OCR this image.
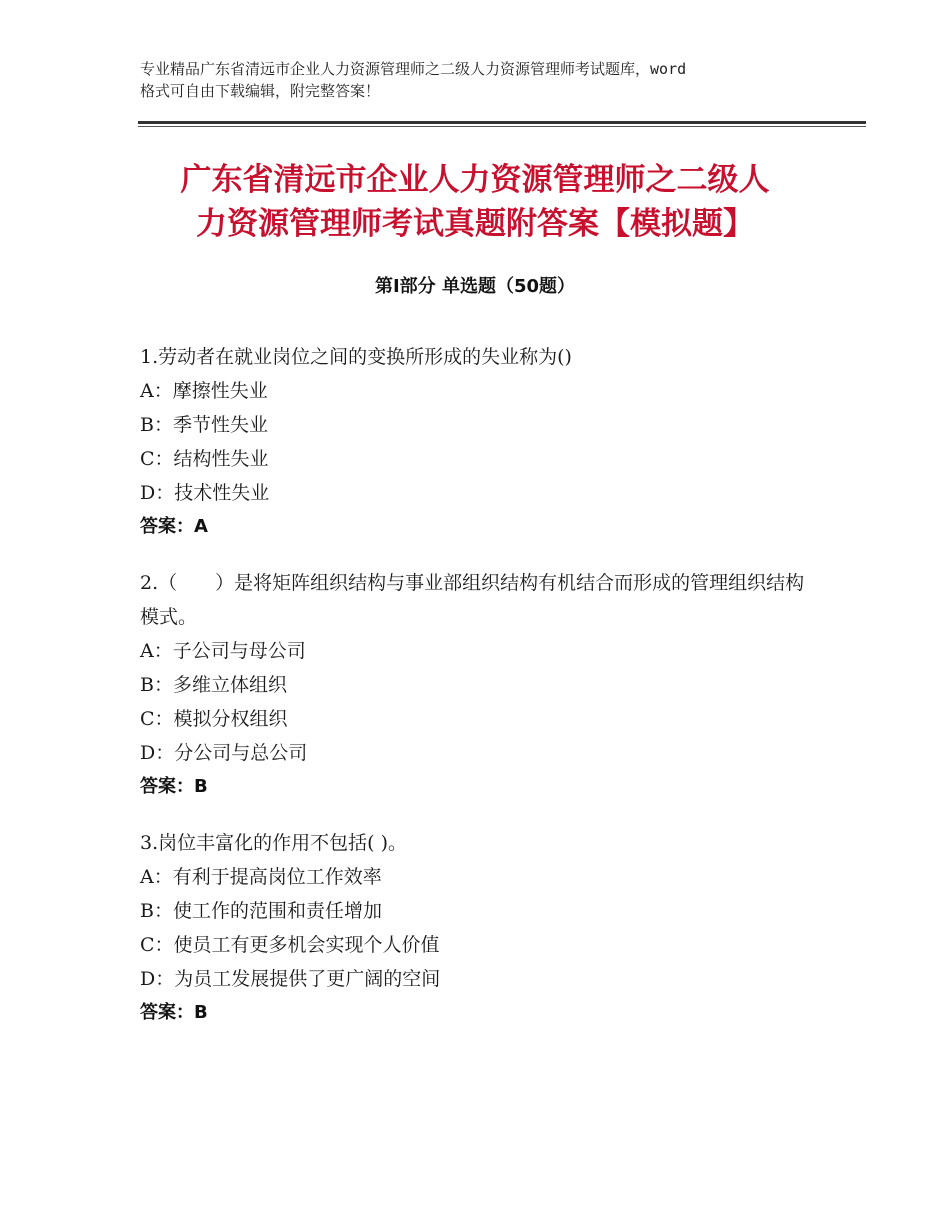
专业精品广东省清远市企业人力资源管理师之二级人力资源管理师考试题库，word
格式可自由下载编辑，附完整答案！
广东省清远市企业人力资源管理师之二级人
力资源管理师考试真题附答案【模拟题】
第Ⅰ部分 单选题（50题）

1.劳动者在就业岗位之间的变换所形成的失业称为()

A：摩擦性失业

B：季节性失业

C：结构性失业

D：技术性失业

答案：A

2.（　　）是将矩阵组织结构与事业部组织结构有机结合而形成的管理组织结构模式。

A：子公司与母公司

B：多维立体组织

C：模拟分权组织

D：分公司与总公司

答案：B

3.岗位丰富化的作用不包括( )。

A：有利于提高岗位工作效率

B：使工作的范围和责任增加

C：使员工有更多机会实现个人价值

D：为员工发展提供了更广阔的空间

答案：B
